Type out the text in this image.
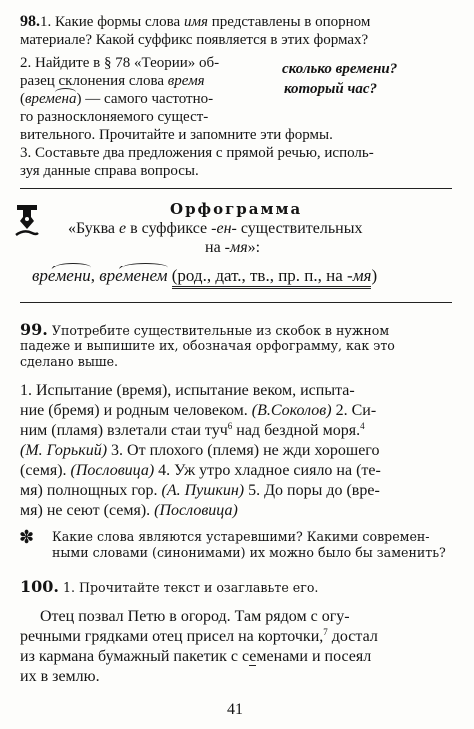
98.1. Какие формы слова имя представлены в опорном
материале? Какой суффикс появляется в этих формах?
2. Найдите в § 78 «Теории» об-
разец склонения слова время
(времена) — самого частотно-
го разносклоняемого сущест-
вительного. Прочитайте и запомните эти формы.
3. Составьте два предложения с прямой речью, исполь-
зуя данные справа вопросы.
сколько времени?
который час?
Орфограмма
«Буква е в суффиксе -ен- существительных
на -мя»:
вре́мени, вре́менем (род., дат., тв., пр. п., на -мя)
99. Употребите существительные из скобок в нужном
падеже и выпишите их, обозначая орфограмму, как это
сделано выше.
1. Испытание (время), испытание веком, испыта-
ние (бремя) и родным человеком. (В.Соколов) 2. Си-
ним (пламя) взлетали стаи туч$^6$ над бездной моря.$^4$
(М. Горький) 3. От плохого (племя) не жди хорошего
(семя). (Пословица) 4. Уж утро хладное сияло на (те-
мя) полнощных гор. (А. Пушкин) 5. До поры до (вре-
мя) не сеют (семя). (Пословица)
✽ Какие слова являются устаревшими? Какими современ-
ными словами (синонимами) их можно было бы заменить?
100. 1. Прочитайте текст и озаглавьте его.
Отец позвал Петю в огород. Там рядом с огу-
речными грядками отец присел на корточки,$^7$ достал
из кармана бумажный пакетик с семенами и посеял
их в землю.
41
